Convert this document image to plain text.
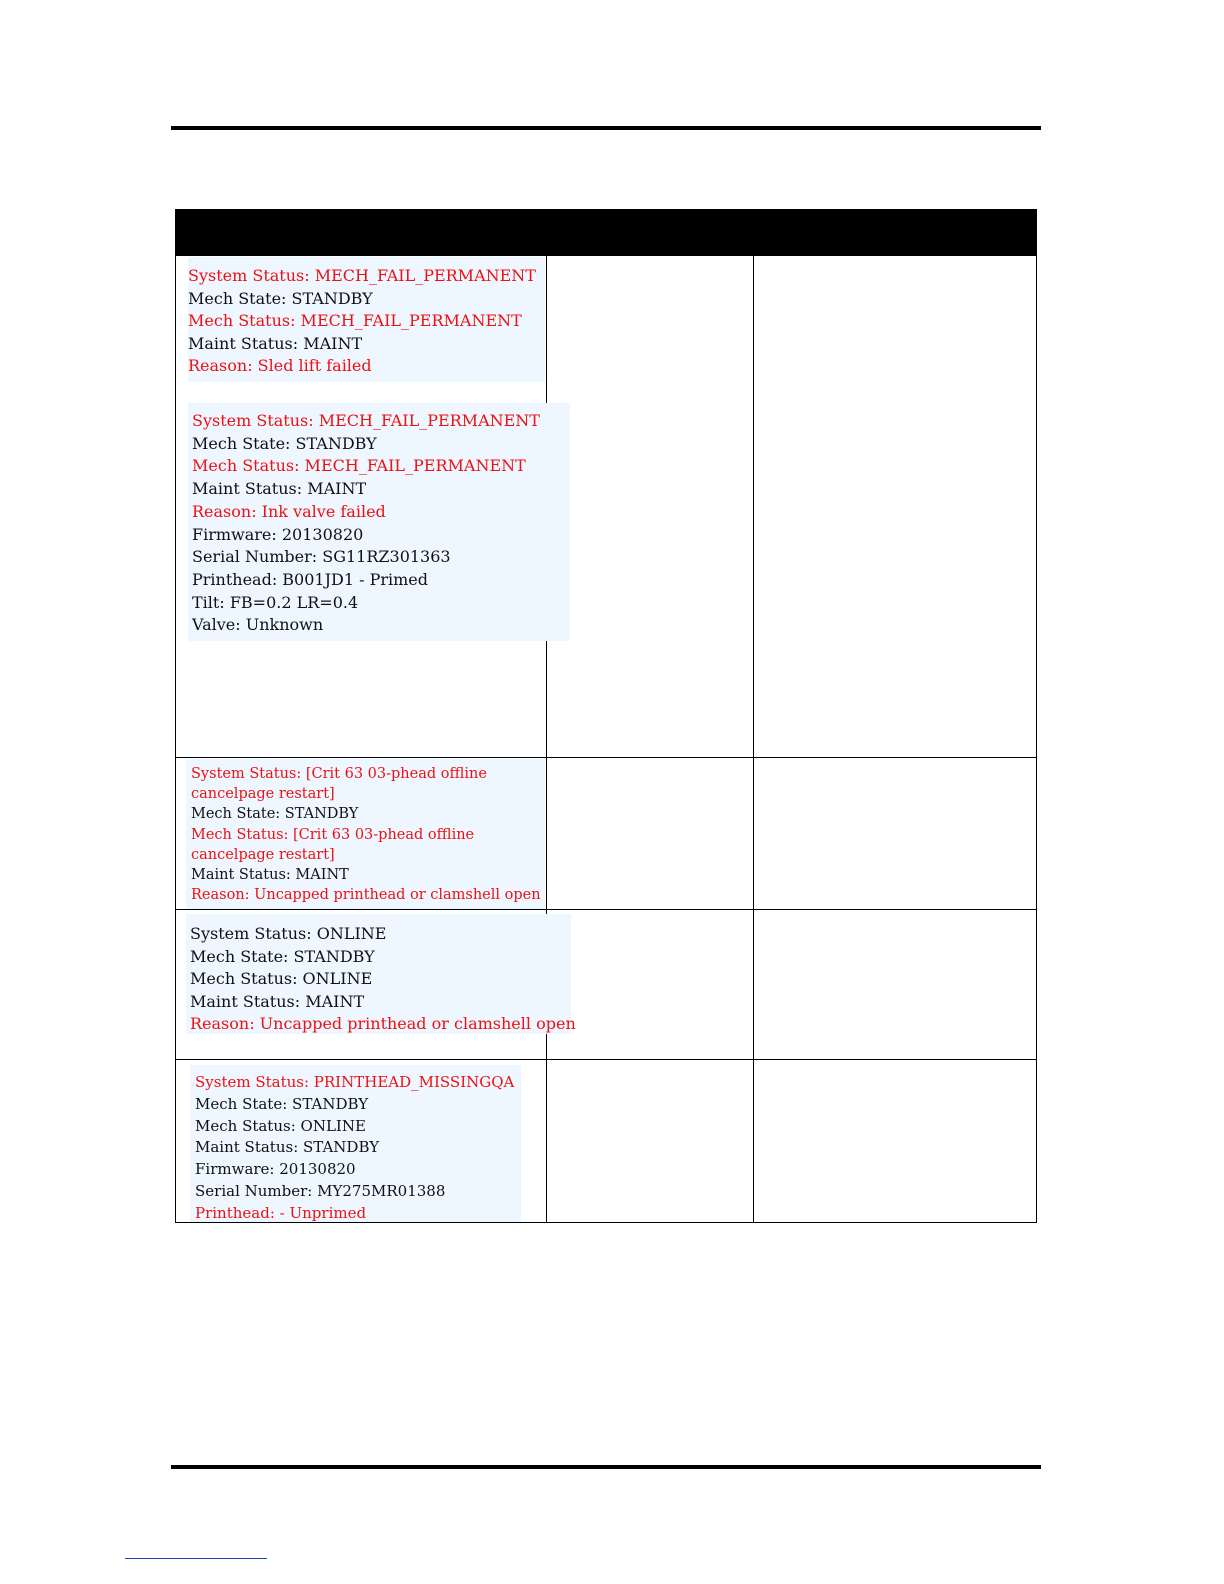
System Status: MECH_FAIL_PERMANENT
Mech State: STANDBY
Mech Status: MECH_FAIL_PERMANENT
Maint Status: MAINT
Reason: Sled lift failed
System Status: MECH_FAIL_PERMANENT
Mech State: STANDBY
Mech Status: MECH_FAIL_PERMANENT
Maint Status: MAINT
Reason: Ink valve failed
Firmware: 20130820
Serial Number: SG11RZ301363
Printhead: B001JD1 - Primed
Tilt: FB=0.2 LR=0.4
Valve: Unknown
System Status: [Crit 63 03-phead offline cancelpage restart]
Mech State: STANDBY
Mech Status: [Crit 63 03-phead offline cancelpage restart]
Maint Status: MAINT
Reason: Uncapped printhead or clamshell open
System Status: ONLINE
Mech State: STANDBY
Mech Status: ONLINE
Maint Status: MAINT
Reason: Uncapped printhead or clamshell open
System Status: PRINTHEAD_MISSINGQA
Mech State: STANDBY
Mech Status: ONLINE
Maint Status: STANDBY
Firmware: 20130820
Serial Number: MY275MR01388
Printhead: - Unprimed
